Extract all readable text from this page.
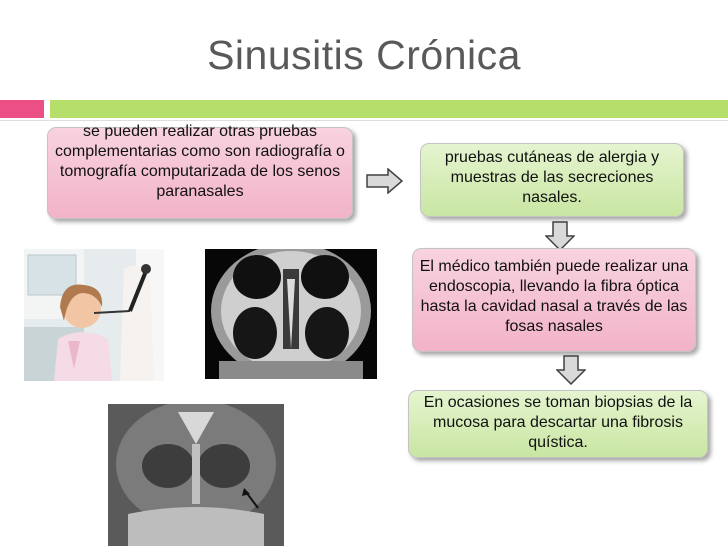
Sinusitis Crónica
se pueden realizar otras pruebas complementarias como son radiografía o tomografía computarizada de los senos paranasales
pruebas cutáneas de alergia y muestras de las secreciones nasales.
El médico también puede realizar una endoscopia, llevando la fibra óptica hasta la cavidad nasal a través de las fosas nasales
En ocasiones se toman biopsias de la mucosa para descartar una fibrosis quística.
